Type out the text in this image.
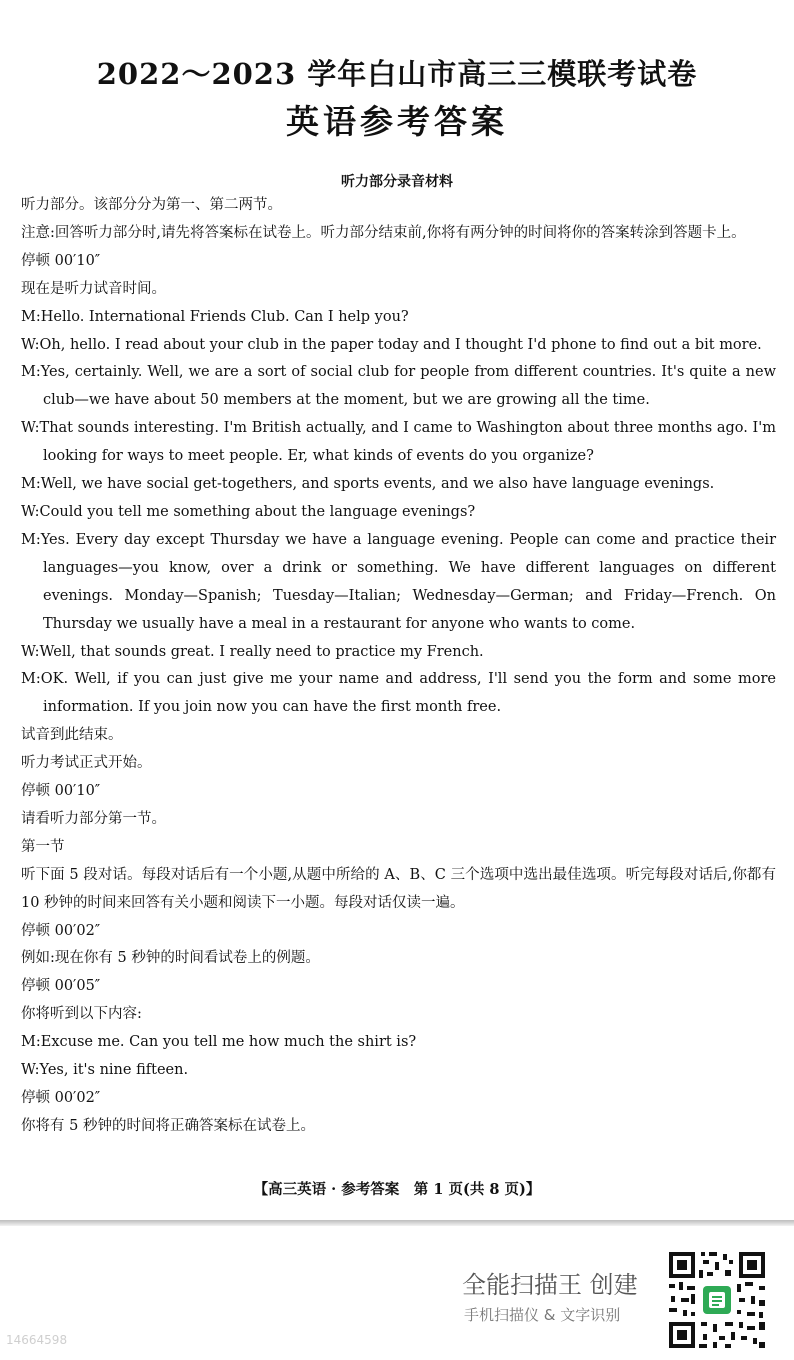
2022～2023 学年白山市高三三模联考试卷
英语参考答案
听力部分录音材料
听力部分。该部分分为第一、第二两节。
注意:回答听力部分时,请先将答案标在试卷上。听力部分结束前,你将有两分钟的时间将你的答案转涂到答题卡上。
停顿 00′10″
现在是听力试音时间。
M:Hello. International Friends Club. Can I help you?
W:Oh, hello. I read about your club in the paper today and I thought I'd phone to find out a bit more.
M:Yes, certainly. Well, we are a sort of social club for people from different countries. It's quite a new club—we have about 50 members at the moment, but we are growing all the time.
W:That sounds interesting. I'm British actually, and I came to Washington about three months ago. I'm looking for ways to meet people. Er, what kinds of events do you organize?
M:Well, we have social get-togethers, and sports events, and we also have language evenings.
W:Could you tell me something about the language evenings?
M:Yes. Every day except Thursday we have a language evening. People can come and practice their languages—you know, over a drink or something. We have different languages on different evenings. Monday—Spanish; Tuesday—Italian; Wednesday—German; and Friday—French. On Thursday we usually have a meal in a restaurant for anyone who wants to come.
W:Well, that sounds great. I really need to practice my French.
M:OK. Well, if you can just give me your name and address, I'll send you the form and some more information. If you join now you can have the first month free.
试音到此结束。
听力考试正式开始。
停顿 00′10″
请看听力部分第一节。
第一节
听下面 5 段对话。每段对话后有一个小题,从题中所给的 A、B、C 三个选项中选出最佳选项。听完每段对话后,你都有 10 秒钟的时间来回答有关小题和阅读下一小题。每段对话仅读一遍。
停顿 00′02″
例如:现在你有 5 秒钟的时间看试卷上的例题。
停顿 00′05″
你将听到以下内容:
M:Excuse me. Can you tell me how much the shirt is?
W:Yes, it's nine fifteen.
停顿 00′02″
你将有 5 秒钟的时间将正确答案标在试卷上。
【高三英语 · 参考答案　第 1 页(共 8 页)】
全能扫描王 创建
手机扫描仪 & 文字识别
14664598
